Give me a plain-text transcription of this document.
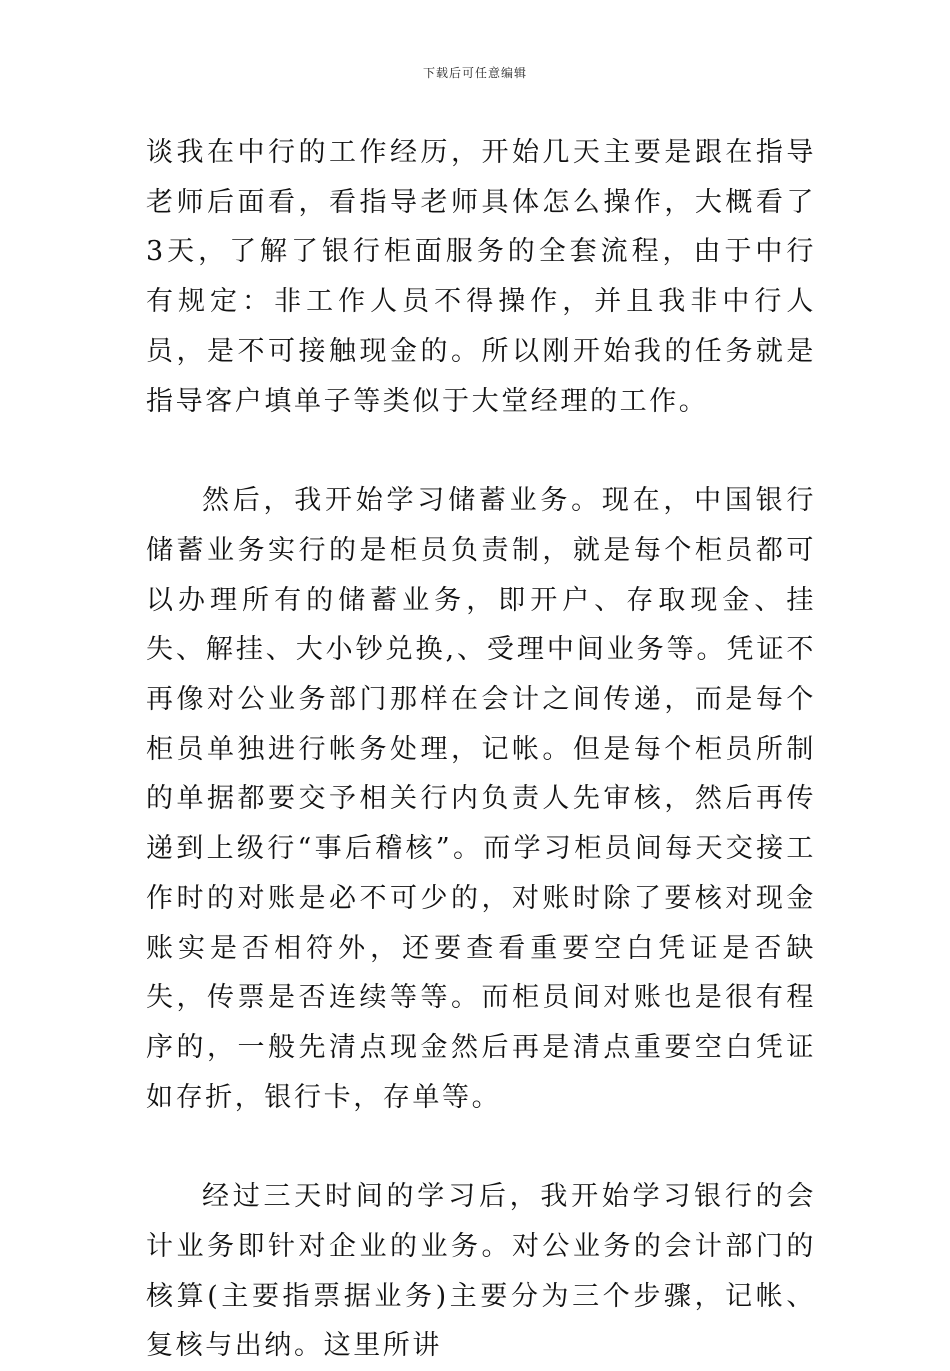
下载后可任意编辑

谈我在中行的工作经历，开始几天主要是跟在指导老师后面看，看指导老师具体怎么操作，大概看了3天，了解了银行柜面服务的全套流程，由于中行有规定：非工作人员不得操作，并且我非中行人员，是不可接触现金的。所以刚开始我的任务就是指导客户填单子等类似于大堂经理的工作。

然后，我开始学习储蓄业务。现在，中国银行储蓄业务实行的是柜员负责制，就是每个柜员都可以办理所有的储蓄业务，即开户、存取现金、挂失、解挂、大小钞兑换,、受理中间业务等。凭证不再像对公业务部门那样在会计之间传递，而是每个柜员单独进行帐务处理，记帐。但是每个柜员所制的单据都要交予相关行内负责人先审核，然后再传递到上级行“事后稽核”。而学习柜员间每天交接工作时的对账是必不可少的，对账时除了要核对现金账实是否相符外，还要查看重要空白凭证是否缺失，传票是否连续等等。而柜员间对账也是很有程序的，一般先清点现金然后再是清点重要空白凭证如存折，银行卡，存单等。

经过三天时间的学习后，我开始学习银行的会计业务即针对企业的业务。对公业务的会计部门的核算(主要指票据业务)主要分为三个步骤，记帐、复核与出纳。这里所讲
